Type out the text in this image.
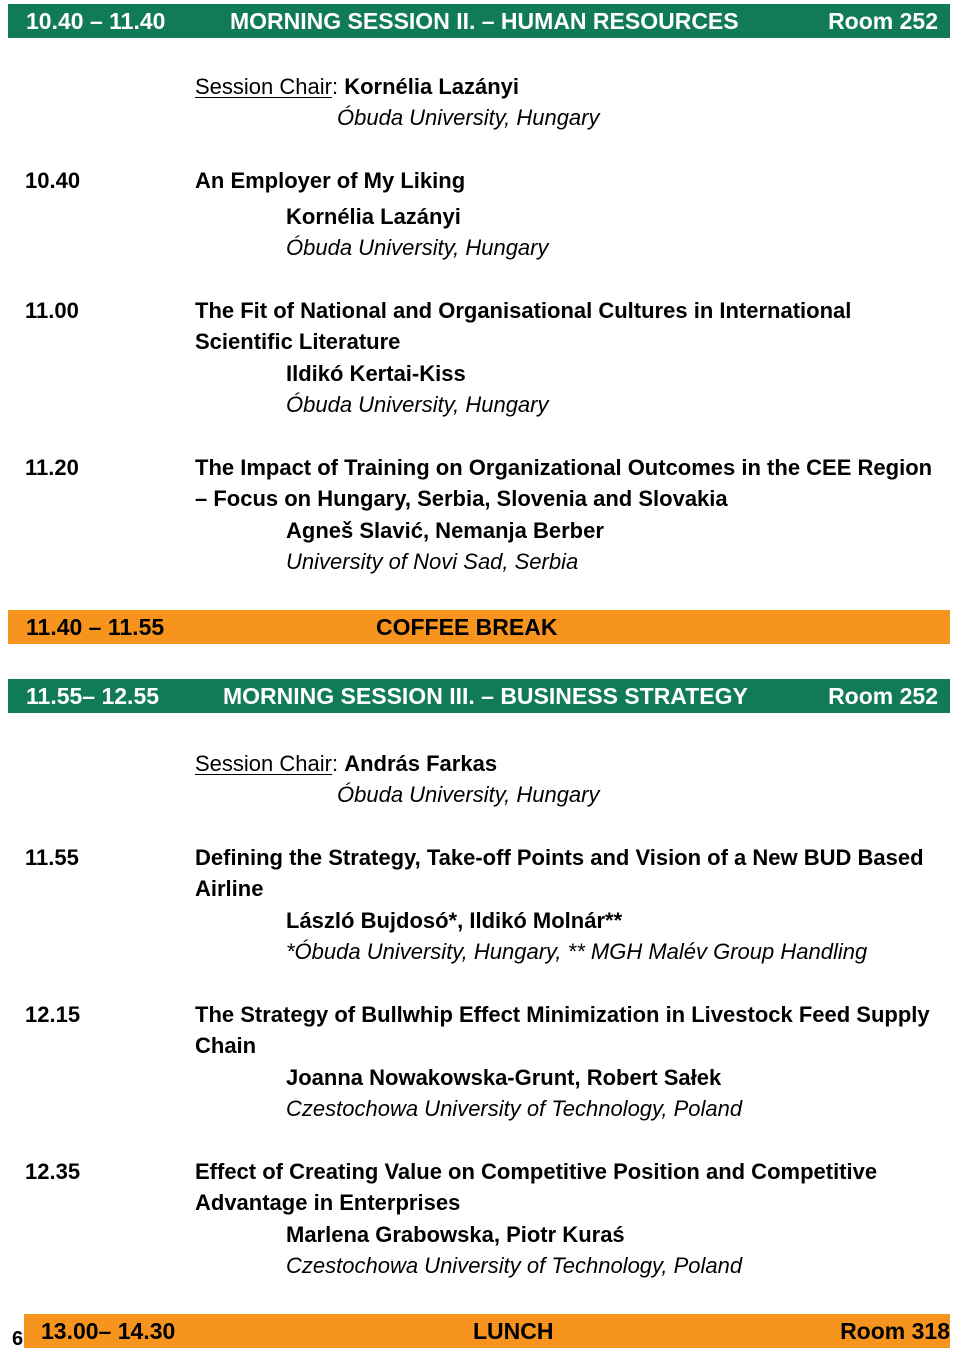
10.40 – 11.40	MORNING SESSION II. – HUMAN RESOURCES	Room 252
Session Chair: Kornélia Lazányi
Óbuda University, Hungary
10.40	An Employer of My Liking
Kornélia Lazányi
Óbuda University, Hungary
11.00	The Fit of National and Organisational Cultures in International
Scientific Literature
Ildikó Kertai-Kiss
Óbuda University, Hungary
11.20	The Impact of Training on Organizational Outcomes in the CEE Region
– Focus on Hungary, Serbia, Slovenia and Slovakia
Agneš Slavić, Nemanja Berber
University of Novi Sad, Serbia
11.40 – 11.55	COFFEE BREAK
11.55– 12.55	MORNING SESSION III. – BUSINESS STRATEGY	Room 252
Session Chair: András Farkas
Óbuda University, Hungary
11.55	Defining the Strategy, Take-off Points and Vision of a New BUD Based
Airline
László Bujdosó*, Ildikó Molnár**
*Óbuda University, Hungary, ** MGH Malév Group Handling
12.15	The Strategy of Bullwhip Effect Minimization in Livestock Feed Supply
Chain
Joanna Nowakowska-Grunt, Robert Sałek
Czestochowa University of Technology, Poland
12.35	Effect of Creating Value on Competitive Position and Competitive
Advantage in Enterprises
Marlena Grabowska, Piotr Kuraś
Czestochowa University of Technology, Poland
6 13.00– 14.30	LUNCH	Room 318
